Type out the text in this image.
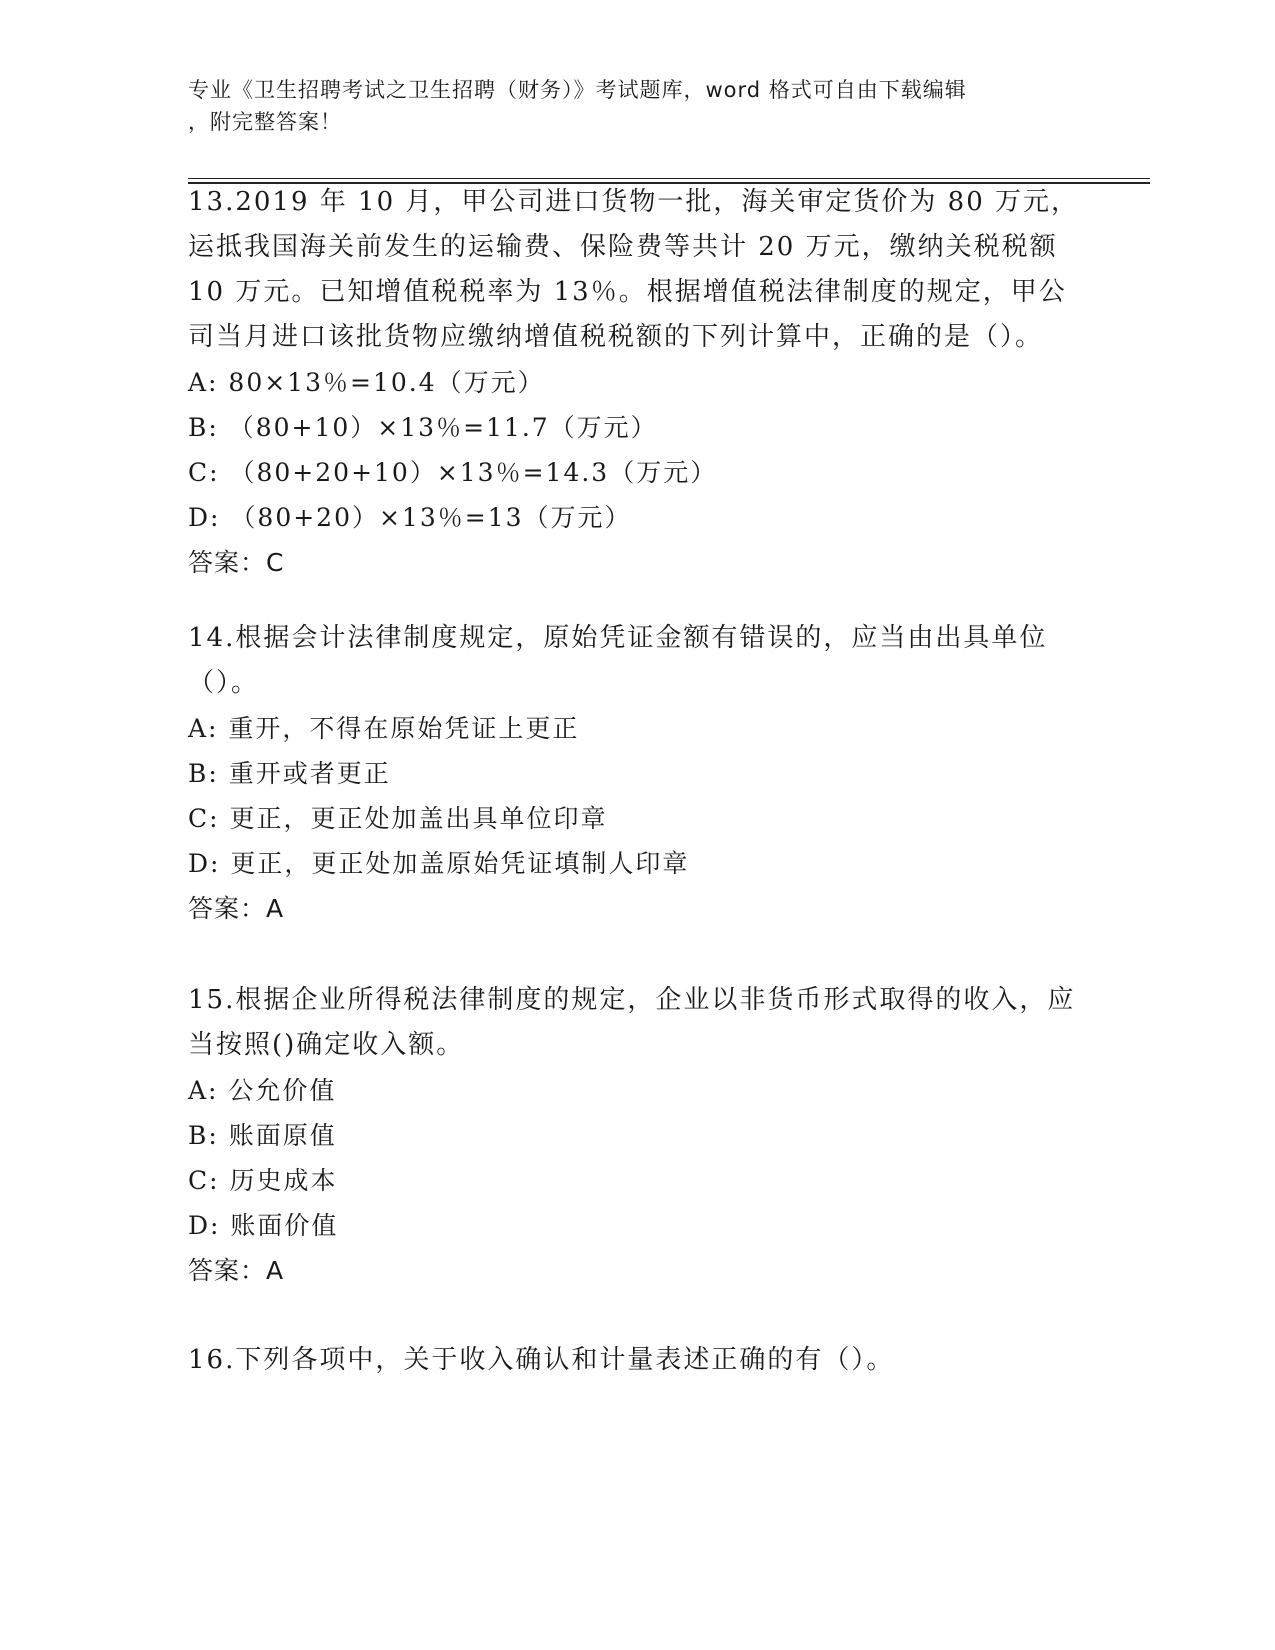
专业《卫生招聘考试之卫生招聘（财务）》考试题库，word 格式可自由下载编辑
，附完整答案！
13.2019 年 10 月，甲公司进口货物一批，海关审定货价为 80 万元，运抵我国海关前发生的运输费、保险费等共计 20 万元，缴纳关税税额 10 万元。已知增值税税率为 13％。根据增值税法律制度的规定，甲公司当月进口该批货物应缴纳增值税税额的下列计算中，正确的是（）。
A: 80×13％=10.4（万元）
B: （80+10）×13％=11.7（万元）
C: （80+20+10）×13％=14.3（万元）
D: （80+20）×13％=13（万元）
答案：C
14.根据会计法律制度规定，原始凭证金额有错误的，应当由出具单位（）。
A: 重开，不得在原始凭证上更正
B: 重开或者更正
C: 更正，更正处加盖出具单位印章
D: 更正，更正处加盖原始凭证填制人印章
答案：A
15.根据企业所得税法律制度的规定，企业以非货币形式取得的收入，应当按照()确定收入额。
A: 公允价值
B: 账面原值
C: 历史成本
D: 账面价值
答案：A
16.下列各项中，关于收入确认和计量表述正确的有（）。
